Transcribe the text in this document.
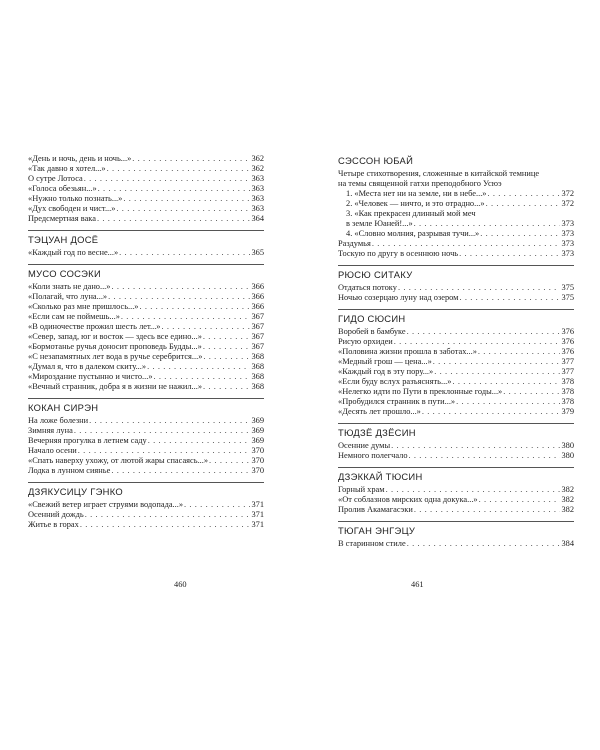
«День и ночь, день и ночь...» . . .	362
«Так давно я хотел...» . . .	362
О сутре Лотоса . . .	363
«Голоса обезьян...» . . .	363
«Нужно только познать...» . . .	363
«Дух свободен и чист...» . . .	363
Предсмертная вака . . .	364
ТЭЦУАН ДОСЁ
«Каждый год по весне...» . . .	365
МУСО СОСЭКИ
«Коли знать не дано...» . . .	366
«Полагай, что луна...» . . .	366
«Сколько раз мне пришлось...» . . .	366
«Если сам не поймешь...» . . .	367
«В одиночестве прожил шесть лет...» . . .	367
«Север, запад, юг и восток — здесь все едино...» . . .	367
«Бормотанье ручья доносит проповедь Будды...» . . .	367
«С незапамятных лет вода в ручье серебрится...» . . .	368
«Думал я, что в далеком скиту...» . . .	368
«Мироздание пустынно и чисто...» . . .	368
«Вечный странник, добра я в жизни не нажил...» . . .	368
КОКАН СИРЭН
На ложе болезни . . .	369
Зимняя луна . . .	369
Вечерняя прогулка в летнем саду . . .	369
Начало осени . . .	370
«Спать наверху ухожу, от лютой жары спасаясь...» . . .	370
Лодка в лунном сиянье . . .	370
ДЗЯКУСИЦУ ГЭНКО
«Свежий ветер играет струями водопада...» . . .	371
Осенний дождь . . .	371
Житье в горах . . .	371
СЭССОН ЮБАЙ
Четыре стихотворения, сложенные в китайской темнице
на темы священной гатхи преподобного Усюэ
1. «Места нет ни на земле, ни в небе...» . . .	372
2. «Человек — ничто, и это отрадно...» . . .	372
3. «Как прекрасен длинный мой меч
в земле Юаней!...» . . .	373
4. «Словно молния, разрывая тучи...» . . .	373
Раздумья . . .	373
Тоскую по другу в осеннюю ночь . . .	373
РЮСЮ СИТАКУ
Отдаться потоку . . .	375
Ночью созерцаю луну над озером . . .	375
ГИДО СЮСИН
Воробей в бамбуке . . .	376
Рисую орхидеи . . .	376
«Половина жизни прошла в заботах...» . . .	376
«Медный грош — цена...» . . .	377
«Каждый год в эту пору...» . . .	377
«Если буду вслух разъяснять...» . . .	378
«Нелегко идти по Пути в преклонные годы...» . . .	378
«Пробудился странник в пути...» . . .	378
«Десять лет прошло...» . . .	379
ТЮДЗЁ ДЗЁСИН
Осенние думы . . .	380
Немного полегчало . . .	380
ДЗЭККАЙ ТЮСИН
Горный храм . . .	382
«От соблазнов мирских одна докука...» . . .	382
Пролив Акамагасэки . . .	382
ТЮГАН ЭНГЭЦУ
В старинном стиле . . .	384
460	461
